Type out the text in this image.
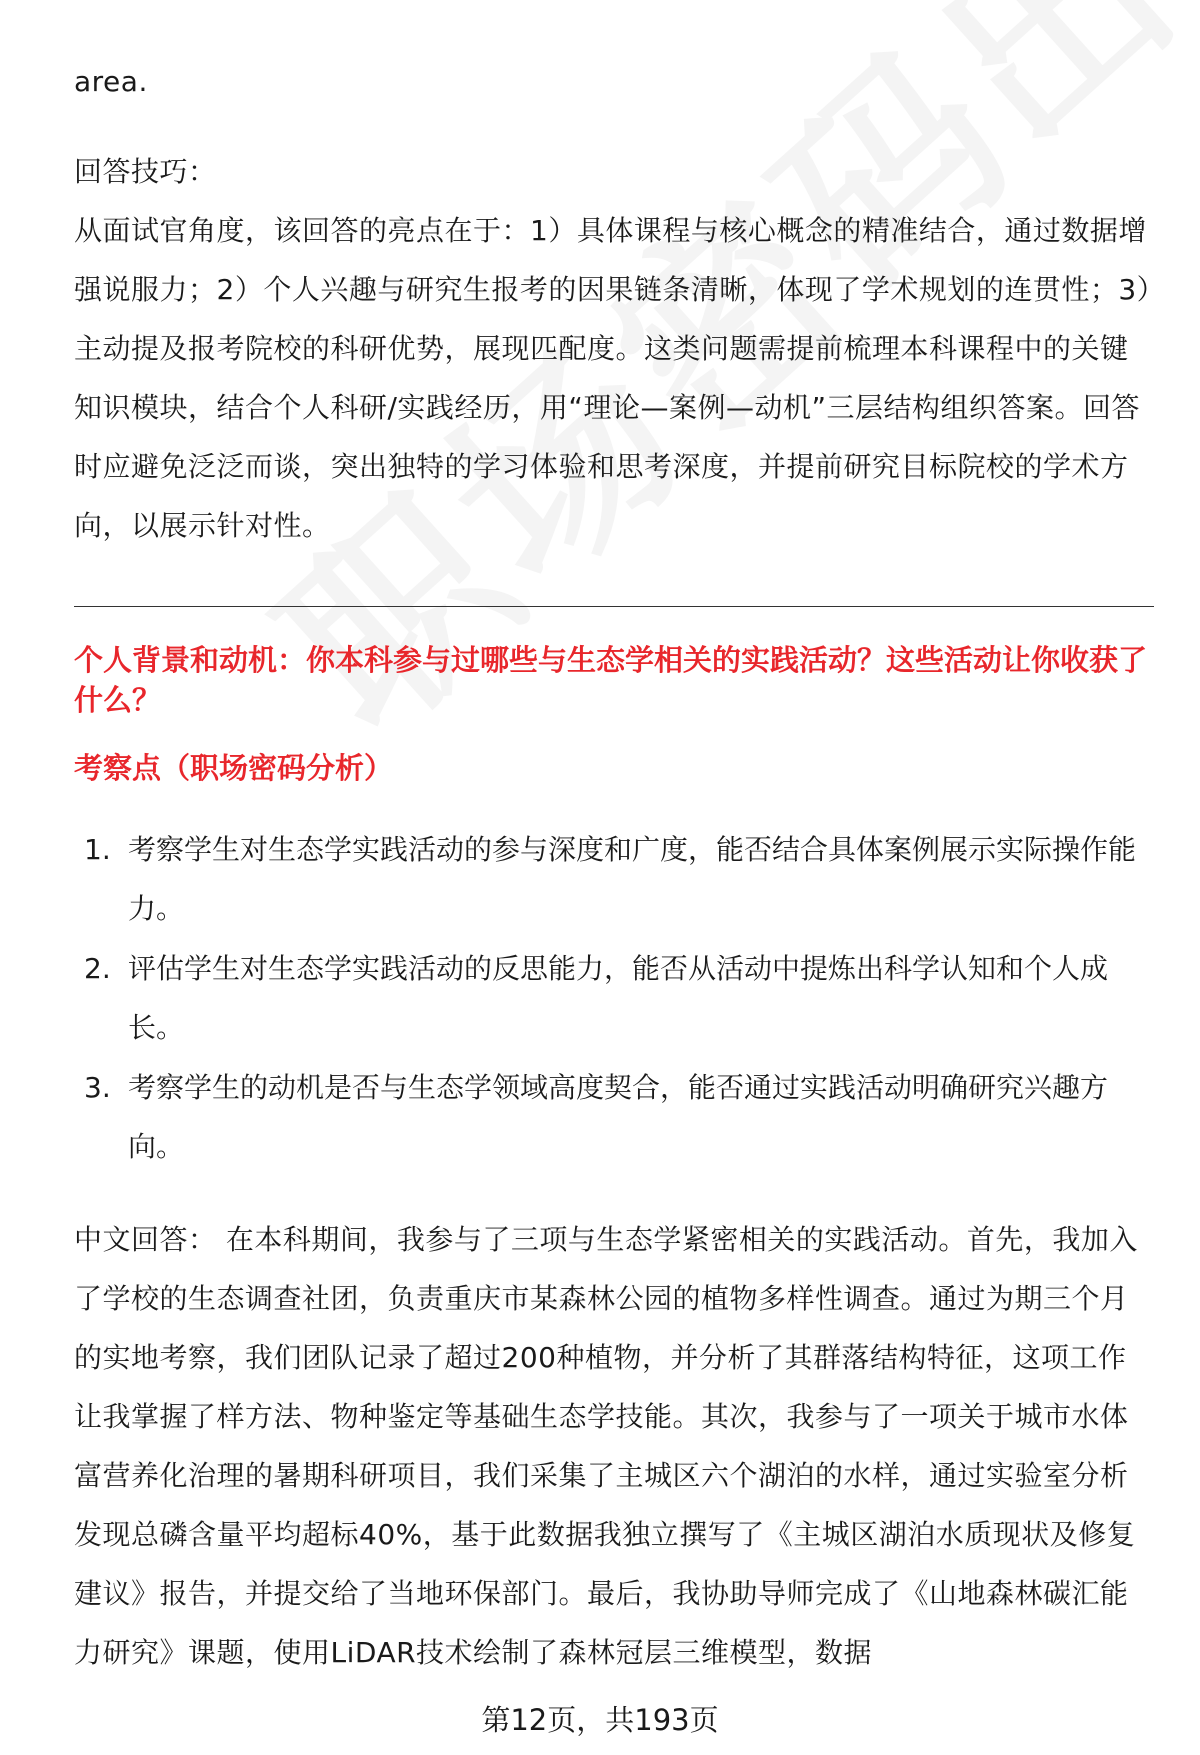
area.
回答技巧：
从面试官角度，该回答的亮点在于：1）具体课程与核心概念的精准结合，通过数据增强说服力；2）个人兴趣与研究生报考的因果链条清晰，体现了学术规划的连贯性；3）主动提及报考院校的科研优势，展现匹配度。这类问题需提前梳理本科课程中的关键知识模块，结合个人科研/实践经历，用“理论—案例—动机”三层结构组织答案。回答时应避免泛泛而谈，突出独特的学习体验和思考深度，并提前研究目标院校的学术方向，以展示针对性。
个人背景和动机：你本科参与过哪些与生态学相关的实践活动？这些活动让你收获了什么？
考察点（职场密码分析）
1. 考察学生对生态学实践活动的参与深度和广度，能否结合具体案例展示实际操作能力。
2. 评估学生对生态学实践活动的反思能力，能否从活动中提炼出科学认知和个人成长。
3. 考察学生的动机是否与生态学领域高度契合，能否通过实践活动明确研究兴趣方向。
中文回答： 在本科期间，我参与了三项与生态学紧密相关的实践活动。首先，我加入了学校的生态调查社团，负责重庆市某森林公园的植物多样性调查。通过为期三个月的实地考察，我们团队记录了超过200种植物，并分析了其群落结构特征，这项工作让我掌握了样方法、物种鉴定等基础生态学技能。其次，我参与了一项关于城市水体富营养化治理的暑期科研项目，我们采集了主城区六个湖泊的水样，通过实验室分析发现总磷含量平均超标40%，基于此数据我独立撰写了《主城区湖泊水质现状及修复建议》报告，并提交给了当地环保部门。最后，我协助导师完成了《山地森林碳汇能力研究》课题，使用LiDAR技术绘制了森林冠层三维模型，数据
第12页，共193页
